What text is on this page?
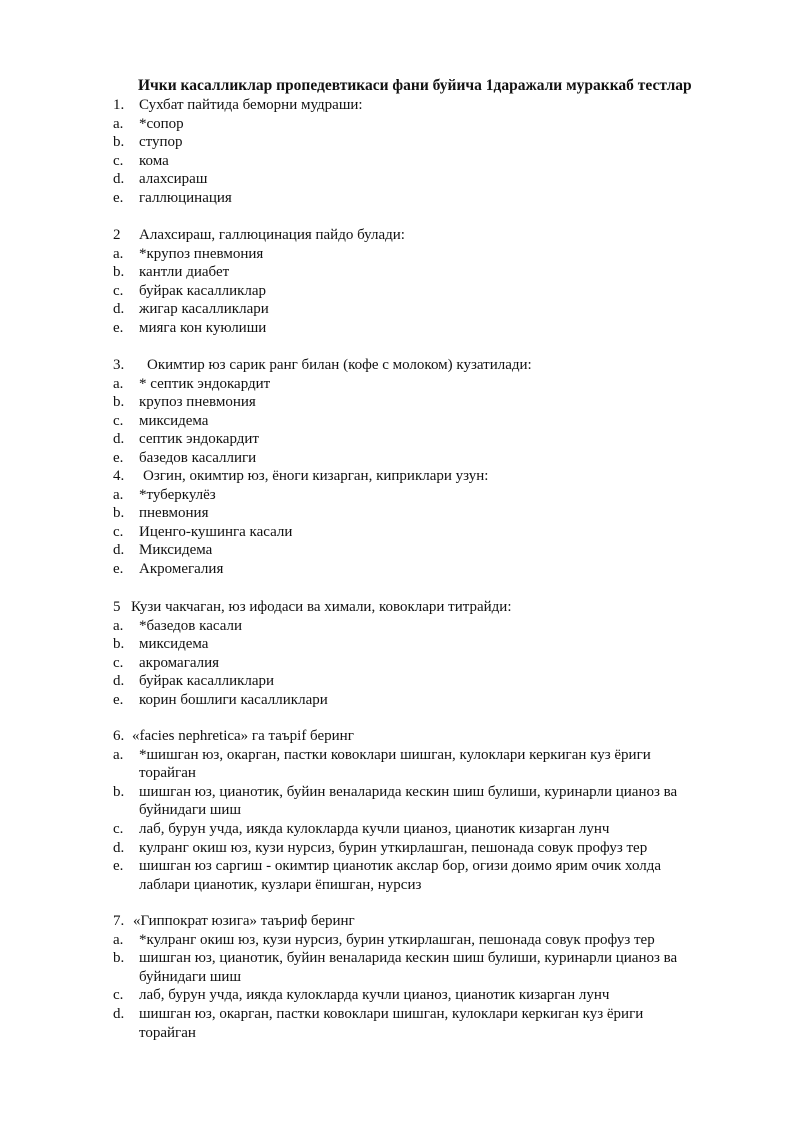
Ички касалликлар пропедевтикаси фани буйича 1даражали мураккаб тестлар
1. Сухбат пайтида беморни мудраши:
a. *сопор
b. ступор
c. кома
d. алахсираш
e. галлюцинация
2 Алахсираш, галлюцинация пайдо булади:
a. *крупоз пневмония
b. кантли диабет
c. буйрак касалликлар
d. жигар касалликлари
e. мияга кон куюлиши
3. Окимтир юз сарик ранг билан (кофе с молоком) кузатилади:
a. * септик эндокардит
b. крупоз пневмония
c. миксидема
d. септик эндокардит
e. базедов касаллиги
4. Озгин, окимтир юз, ёноги кизарган, киприклари узун:
a. *туберкулёз
b. пневмония
c. Иценго-кушинга касали
d. Миксидема
e. Акромегалия
5 Кузи чакчаган, юз ифодаси ва химали, ковоклари титрайди:
a. *базедов касали
b. миксидема
c. акромагалия
d. буйрак касалликлари
e. корин бошлиги касалликлари
6. «facies nephretica» га таърif беринг
a. *шишган юз, окарган, пастки ковоклари шишган, кулоклари керкиган куз ёриги
торайган
b. шишган юз, цианотик, буйин веналарида кескин шиш булиши, куринарли цианоз ва
буйнидаги шиш
c. лаб, бурун учда, иякда кулокларда кучли цианоз, цианотик кизарган лунч
d. кулранг окиш юз, кузи нурсиз, бурин уткирлашган, пешонада совук профуз тер
e. шишган юз саргиш - окимтир цианотик акслар бор, огизи доимо ярим очик холда
лаблари цианотик, кузлари ёпишган, нурсиз
7. «Гиппократ юзига» таъриф беринг
a. *кулранг окиш юз, кузи нурсиз, бурин уткирлашган, пешонада совук профуз тер
b. шишган юз, цианотик, буйин веналарида кескин шиш булиши, куринарли цианоз ва
буйнидаги шиш
c. лаб, бурун учда, иякда кулокларда кучли цианоз, цианотик кизарган лунч
d. шишган юз, окарган, пастки ковоклари шишган, кулоклари керкиган куз ёриги
торайган
